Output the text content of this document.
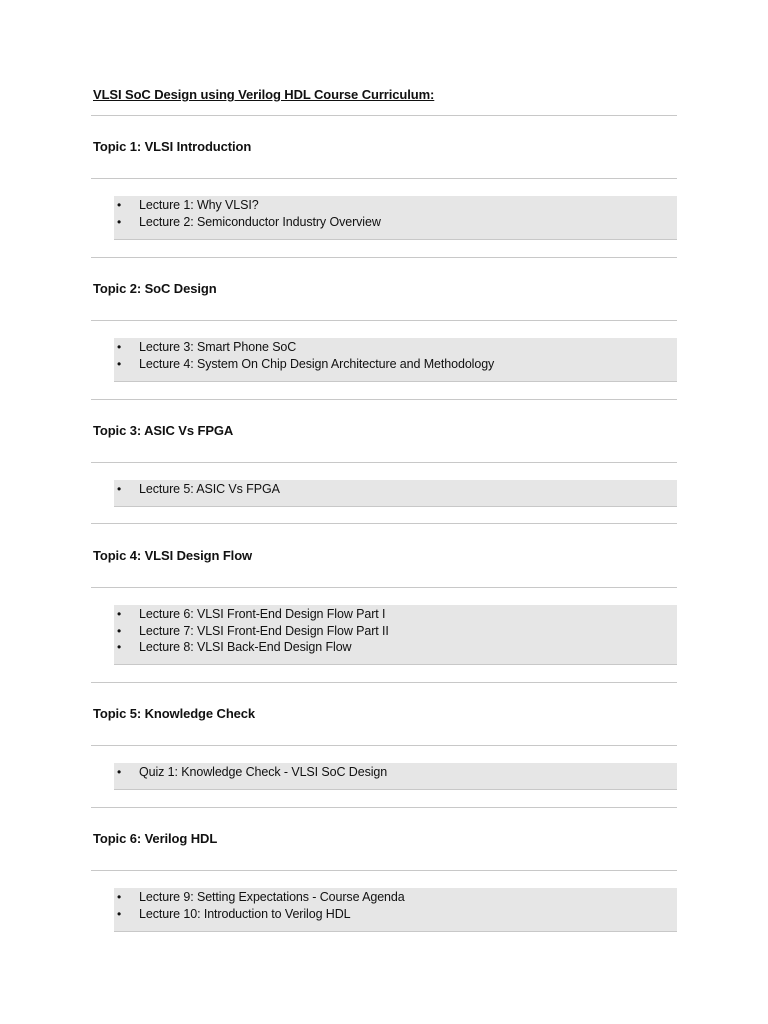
VLSI SoC Design using Verilog HDL Course Curriculum:
Topic 1: VLSI Introduction
• Lecture 1: Why VLSI?
• Lecture 2: Semiconductor Industry Overview
Topic 2: SoC Design
• Lecture 3: Smart Phone SoC
• Lecture 4: System On Chip Design Architecture and Methodology
Topic 3: ASIC Vs FPGA
• Lecture 5: ASIC Vs FPGA
Topic 4: VLSI Design Flow
• Lecture 6: VLSI Front-End Design Flow Part I
• Lecture 7: VLSI Front-End Design Flow Part II
• Lecture 8: VLSI Back-End Design Flow
Topic 5: Knowledge Check
• Quiz 1: Knowledge Check - VLSI SoC Design
Topic 6: Verilog HDL
• Lecture 9: Setting Expectations - Course Agenda
• Lecture 10: Introduction to Verilog HDL
